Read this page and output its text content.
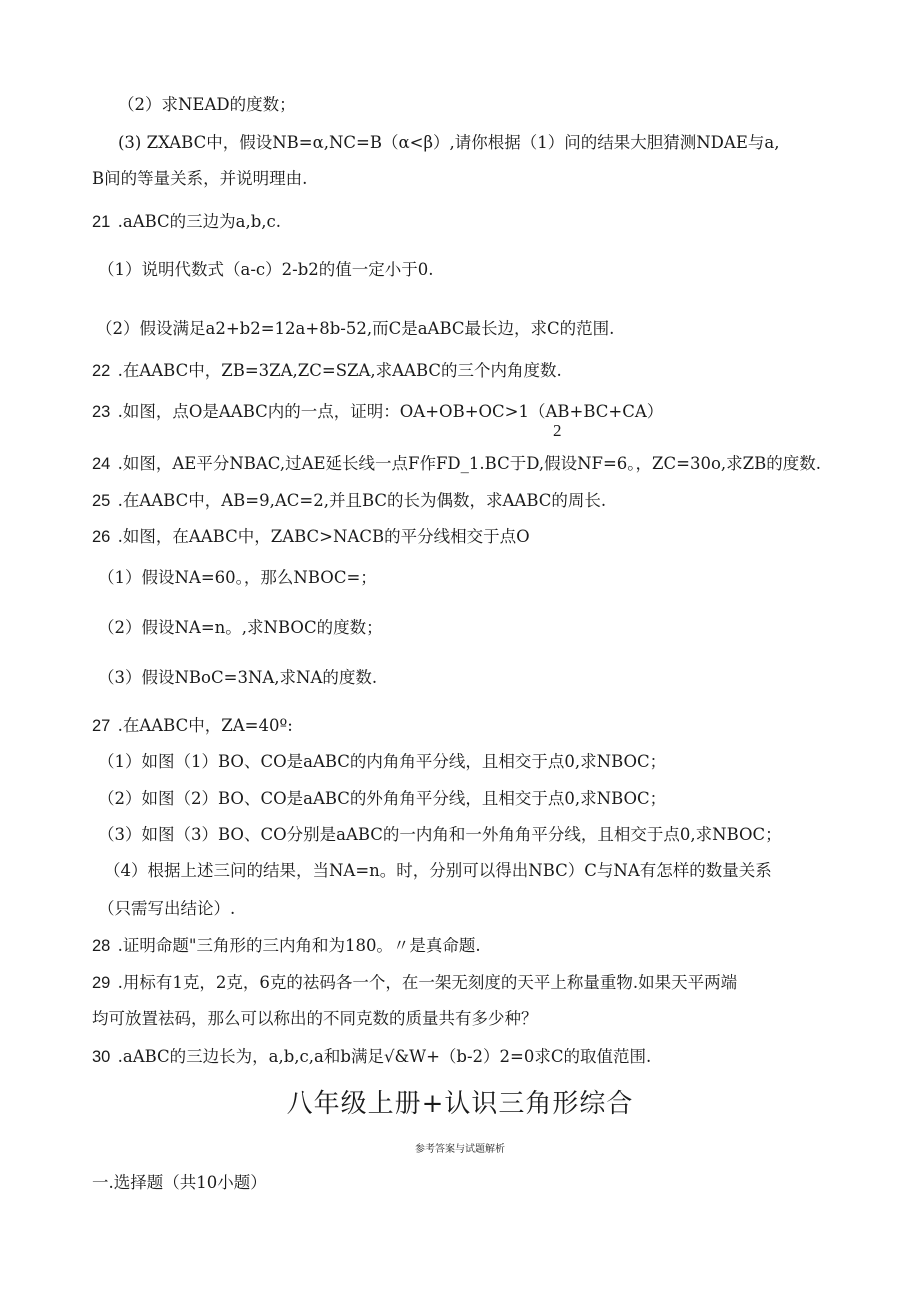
（2）求NEAD的度数；
(3) ZXABC中，假设NB=α,NC=B（α<β）,请你根据（1）问的结果大胆猜测NDAE与a,
B间的等量关系，并说明理由.
21 .aABC的三边为a,b,c.
（1）说明代数式（a-c）2-b2的值一定小于0.
（2）假设满足a2+b2=12a+8b-52,而C是aABC最长边，求C的范围.
22 .在AABC中，ZB=3ZA,ZC=SZA,求AABC的三个内角度数.
23 .如图，点O是AABC内的一点，证明：OA+OB+OC>1（AB+BC+CA）
2
24 .如图，AE平分NBAC,过AE延长线一点F作FD_1.BC于D,假设NF=6。，ZC=30o,求ZB的度数.
25 .在AABC中，AB=9,AC=2,并且BC的长为偶数，求AABC的周长.
26 .如图，在AABC中，ZABC>NACB的平分线相交于点O
（1）假设NA=60。，那么NBOC=；
（2）假设NA=n。,求NBOC的度数；
（3）假设NBoC=3NA,求NA的度数.
27 .在AABC中，ZA=40º:
（1）如图（1）BO、CO是aABC的内角角平分线，且相交于点0,求NBOC；
（2）如图（2）BO、CO是aABC的外角角平分线，且相交于点0,求NBOC；
（3）如图（3）BO、CO分别是aABC的一内角和一外角角平分线，且相交于点0,求NBOC；
（4）根据上述三问的结果，当NA=n。时，分别可以得出NBC）C与NA有怎样的数量关系
（只需写出结论）.
28 .证明命题"三角形的三内角和为180。〃是真命题.
29 .用标有1克，2克，6克的祛码各一个，在一架无刻度的天平上称量重物.如果天平两端
均可放置祛码，那么可以称出的不同克数的质量共有多少种？
30 .aABC的三边长为，a,b,c,a和b满足√&W+（b-2）2=0求C的取值范围.
八年级上册+认识三角形综合
参考答案与试题解析
一.选择题（共10小题）
